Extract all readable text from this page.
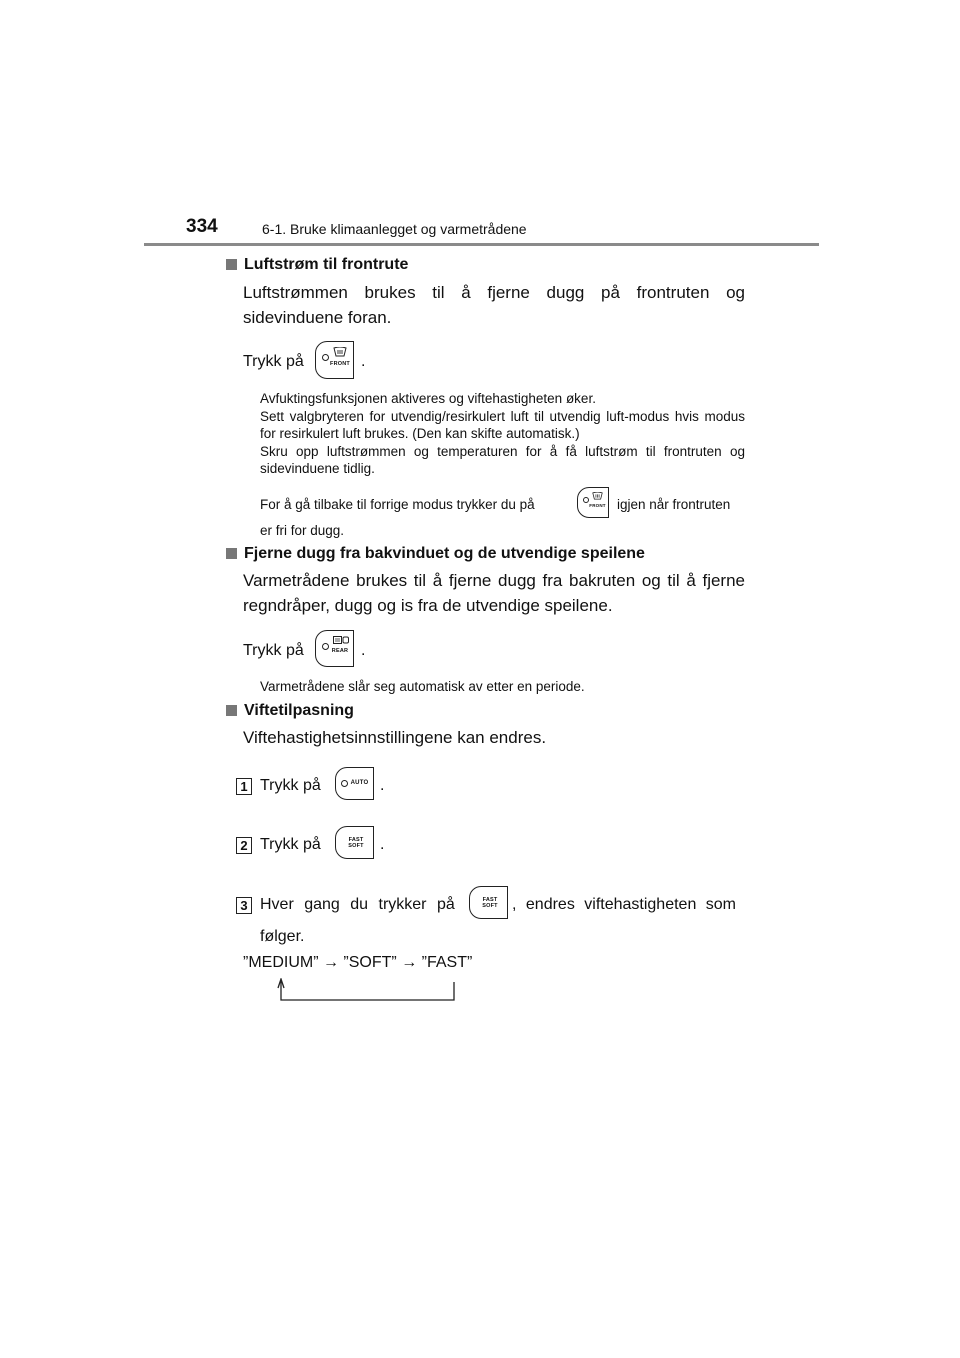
334	6-1. Bruke klimaanlegget og varmetrådene
Luftstrøm til frontrute
Luftstrømmen brukes til å fjerne dugg på frontruten og sidevinduene foran.
Trykk på	FRONT .
Avfuktingsfunksjonen aktiveres og viftehastigheten øker.
Sett valgbryteren for utvendig/resirkulert luft til utvendig luft-modus hvis modus for resirkulert luft brukes. (Den kan skifte automatisk.)
Skru opp luftstrømmen og temperaturen for å få luftstrøm til frontruten og sidevinduene tidlig.
For å gå tilbake til forrige modus trykker du på	FRONT igjen når frontruten
er fri for dugg.
Fjerne dugg fra bakvinduet og de utvendige speilene
Varmetrådene brukes til å fjerne dugg fra bakruten og til å fjerne regndråper, dugg og is fra de utvendige speilene.
Trykk på	REAR .
Varmetrådene slår seg automatisk av etter en periode.
Viftetilpasning
Viftehastighetsinnstillingene kan endres.
1 Trykk på	AUTO .
2 Trykk på	FAST SOFT .
3 Hver gang du trykker på	FAST SOFT , endres viftehastigheten som
følger.
”MEDIUM” → ”SOFT” → ”FAST”
